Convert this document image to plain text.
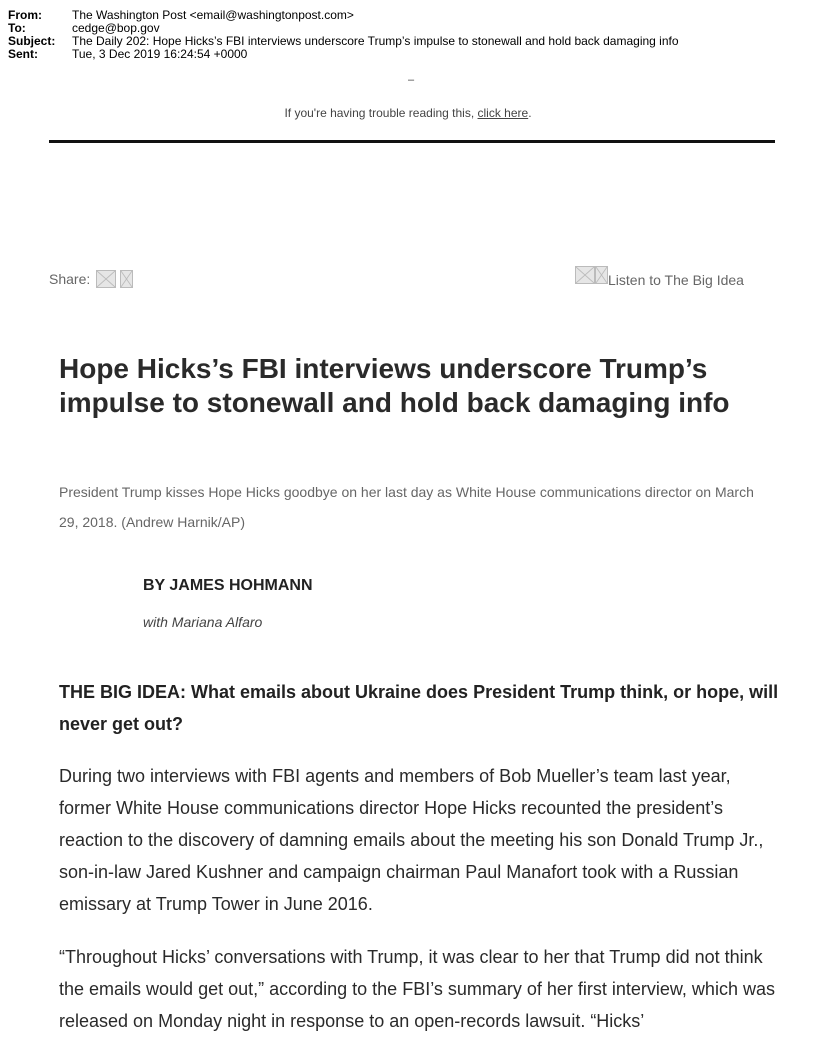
From:	The Washington Post <email@washingtonpost.com>
To:	cedge@bop.gov
Subject:	The Daily 202: Hope Hicks’s FBI interviews underscore Trump’s impulse to stonewall and hold back damaging info
Sent:	Tue, 3 Dec 2019 16:24:54 +0000
–
If you're having trouble reading this, click here.
Share:	Listen to The Big Idea
Hope Hicks’s FBI interviews underscore Trump’s impulse to stonewall and hold back damaging info

President Trump kisses Hope Hicks goodbye on her last day as White House communications director on March 29, 2018. (Andrew Harnik/AP)

BY JAMES HOHMANN
with Mariana Alfaro
THE BIG IDEA: What emails about Ukraine does President Trump think, or hope, will never get out?

During two interviews with FBI agents and members of Bob Mueller’s team last year, former White House communications director Hope Hicks recounted the president’s reaction to the discovery of damning emails about the meeting his son Donald Trump Jr., son-in-law Jared Kushner and campaign chairman Paul Manafort took with a Russian emissary at Trump Tower in June 2016.

“Throughout Hicks’ conversations with Trump, it was clear to her that Trump did not think the emails would get out,” according to the FBI’s summary of her first interview, which was released on Monday night in response to an open-records lawsuit. “Hicks’
